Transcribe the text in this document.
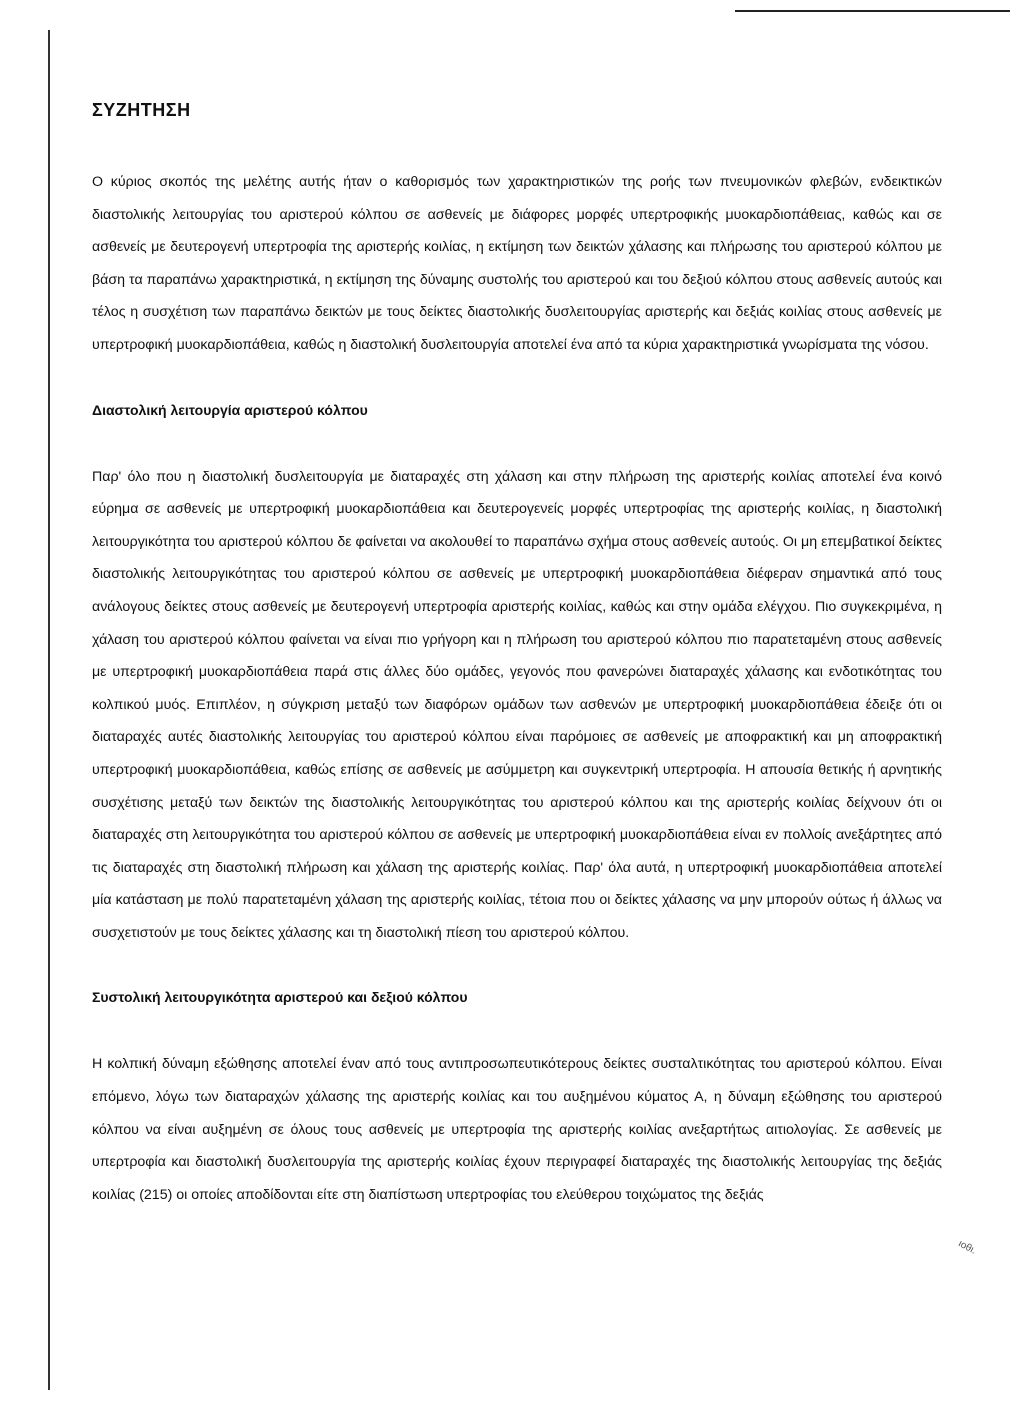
ΣΥΖΗΤΗΣΗ

Ο κύριος σκοπός της μελέτης αυτής ήταν ο καθορισμός των χαρακτηριστικών της ροής των πνευμονικών φλεβών, ενδεικτικών διαστολικής λειτουργίας του αριστερού κόλπου σε ασθενείς με διάφορες μορφές υπερτροφικής μυοκαρδιοπάθειας, καθώς και σε ασθενείς με δευτερογενή υπερτροφία της αριστερής κοιλίας, η εκτίμηση των δεικτών χάλασης και πλήρωσης του αριστερού κόλπου με βάση τα παραπάνω χαρακτηριστικά, η εκτίμηση της δύναμης συστολής του αριστερού και του δεξιού κόλπου στους ασθενείς αυτούς και τέλος η συσχέτιση των παραπάνω δεικτών με τους δείκτες διαστολικής δυσλειτουργίας αριστερής και δεξιάς κοιλίας στους ασθενείς με υπερτροφική μυοκαρδιοπάθεια, καθώς η διαστολική δυσλειτουργία αποτελεί ένα από τα κύρια χαρακτηριστικά γνωρίσματα της νόσου.

Διαστολική λειτουργία αριστερού κόλπου

Παρ' όλο που η διαστολική δυσλειτουργία με διαταραχές στη χάλαση και στην πλήρωση της αριστερής κοιλίας αποτελεί ένα κοινό εύρημα σε ασθενείς με υπερτροφική μυοκαρδιοπάθεια και δευτερογενείς μορφές υπερτροφίας της αριστερής κοιλίας, η διαστολική λειτουργικότητα του αριστερού κόλπου δε φαίνεται να ακολουθεί το παραπάνω σχήμα στους ασθενείς αυτούς. Οι μη επεμβατικοί δείκτες διαστολικής λειτουργικότητας του αριστερού κόλπου σε ασθενείς με υπερτροφική μυοκαρδιοπάθεια διέφεραν σημαντικά από τους ανάλογους δείκτες στους ασθενείς με δευτερογενή υπερτροφία αριστερής κοιλίας, καθώς και στην ομάδα ελέγχου. Πιο συγκεκριμένα, η χάλαση του αριστερού κόλπου φαίνεται να είναι πιο γρήγορη και η πλήρωση του αριστερού κόλπου πιο παρατεταμένη στους ασθενείς με υπερτροφική μυοκαρδιοπάθεια παρά στις άλλες δύο ομάδες, γεγονός που φανερώνει διαταραχές χάλασης και ενδοτικότητας του κολπικού μυός. Επιπλέον, η σύγκριση μεταξύ των διαφόρων ομάδων των ασθενών με υπερτροφική μυοκαρδιοπάθεια έδειξε ότι οι διαταραχές αυτές διαστολικής λειτουργίας του αριστερού κόλπου είναι παρόμοιες σε ασθενείς με αποφρακτική και μη αποφρακτική υπερτροφική μυοκαρδιοπάθεια, καθώς επίσης σε ασθενείς με ασύμμετρη και συγκεντρική υπερτροφία. Η απουσία θετικής ή αρνητικής συσχέτισης μεταξύ των δεικτών της διαστολικής λειτουργικότητας του αριστερού κόλπου και της αριστερής κοιλίας δείχνουν ότι οι διαταραχές στη λειτουργικότητα του αριστερού κόλπου σε ασθενείς με υπερτροφική μυοκαρδιοπάθεια είναι εν πολλοίς ανεξάρτητες από τις διαταραχές στη διαστολική πλήρωση και χάλαση της αριστερής κοιλίας. Παρ' όλα αυτά, η υπερτροφική μυοκαρδιοπάθεια αποτελεί μία κατάσταση με πολύ παρατεταμένη χάλαση της αριστερής κοιλίας, τέτοια που οι δείκτες χάλασης να μην μπορούν ούτως ή άλλως να συσχετιστούν με τους δείκτες χάλασης και τη διαστολική πίεση του αριστερού κόλπου.

Συστολική λειτουργικότητα αριστερού και δεξιού κόλπου

Η κολπική δύναμη εξώθησης αποτελεί έναν από τους αντιπροσωπευτικότερους δείκτες συσταλτικότητας του αριστερού κόλπου. Είναι επόμενο, λόγω των διαταραχών χάλασης της αριστερής κοιλίας και του αυξημένου κύματος Α, η δύναμη εξώθησης του αριστερού κόλπου να είναι αυξημένη σε όλους τους ασθενείς με υπερτροφία της αριστερής κοιλίας ανεξαρτήτως αιτιολογίας. Σε ασθενείς με υπερτροφία και διαστολική δυσλειτουργία της αριστερής κοιλίας έχουν περιγραφεί διαταραχές της διαστολικής λειτουργίας της δεξιάς κοιλίας (215) οι οποίες αποδίδονται είτε στη διαπίστωση υπερτροφίας του ελεύθερου τοιχώματος της δεξιάς

ιοθι.
